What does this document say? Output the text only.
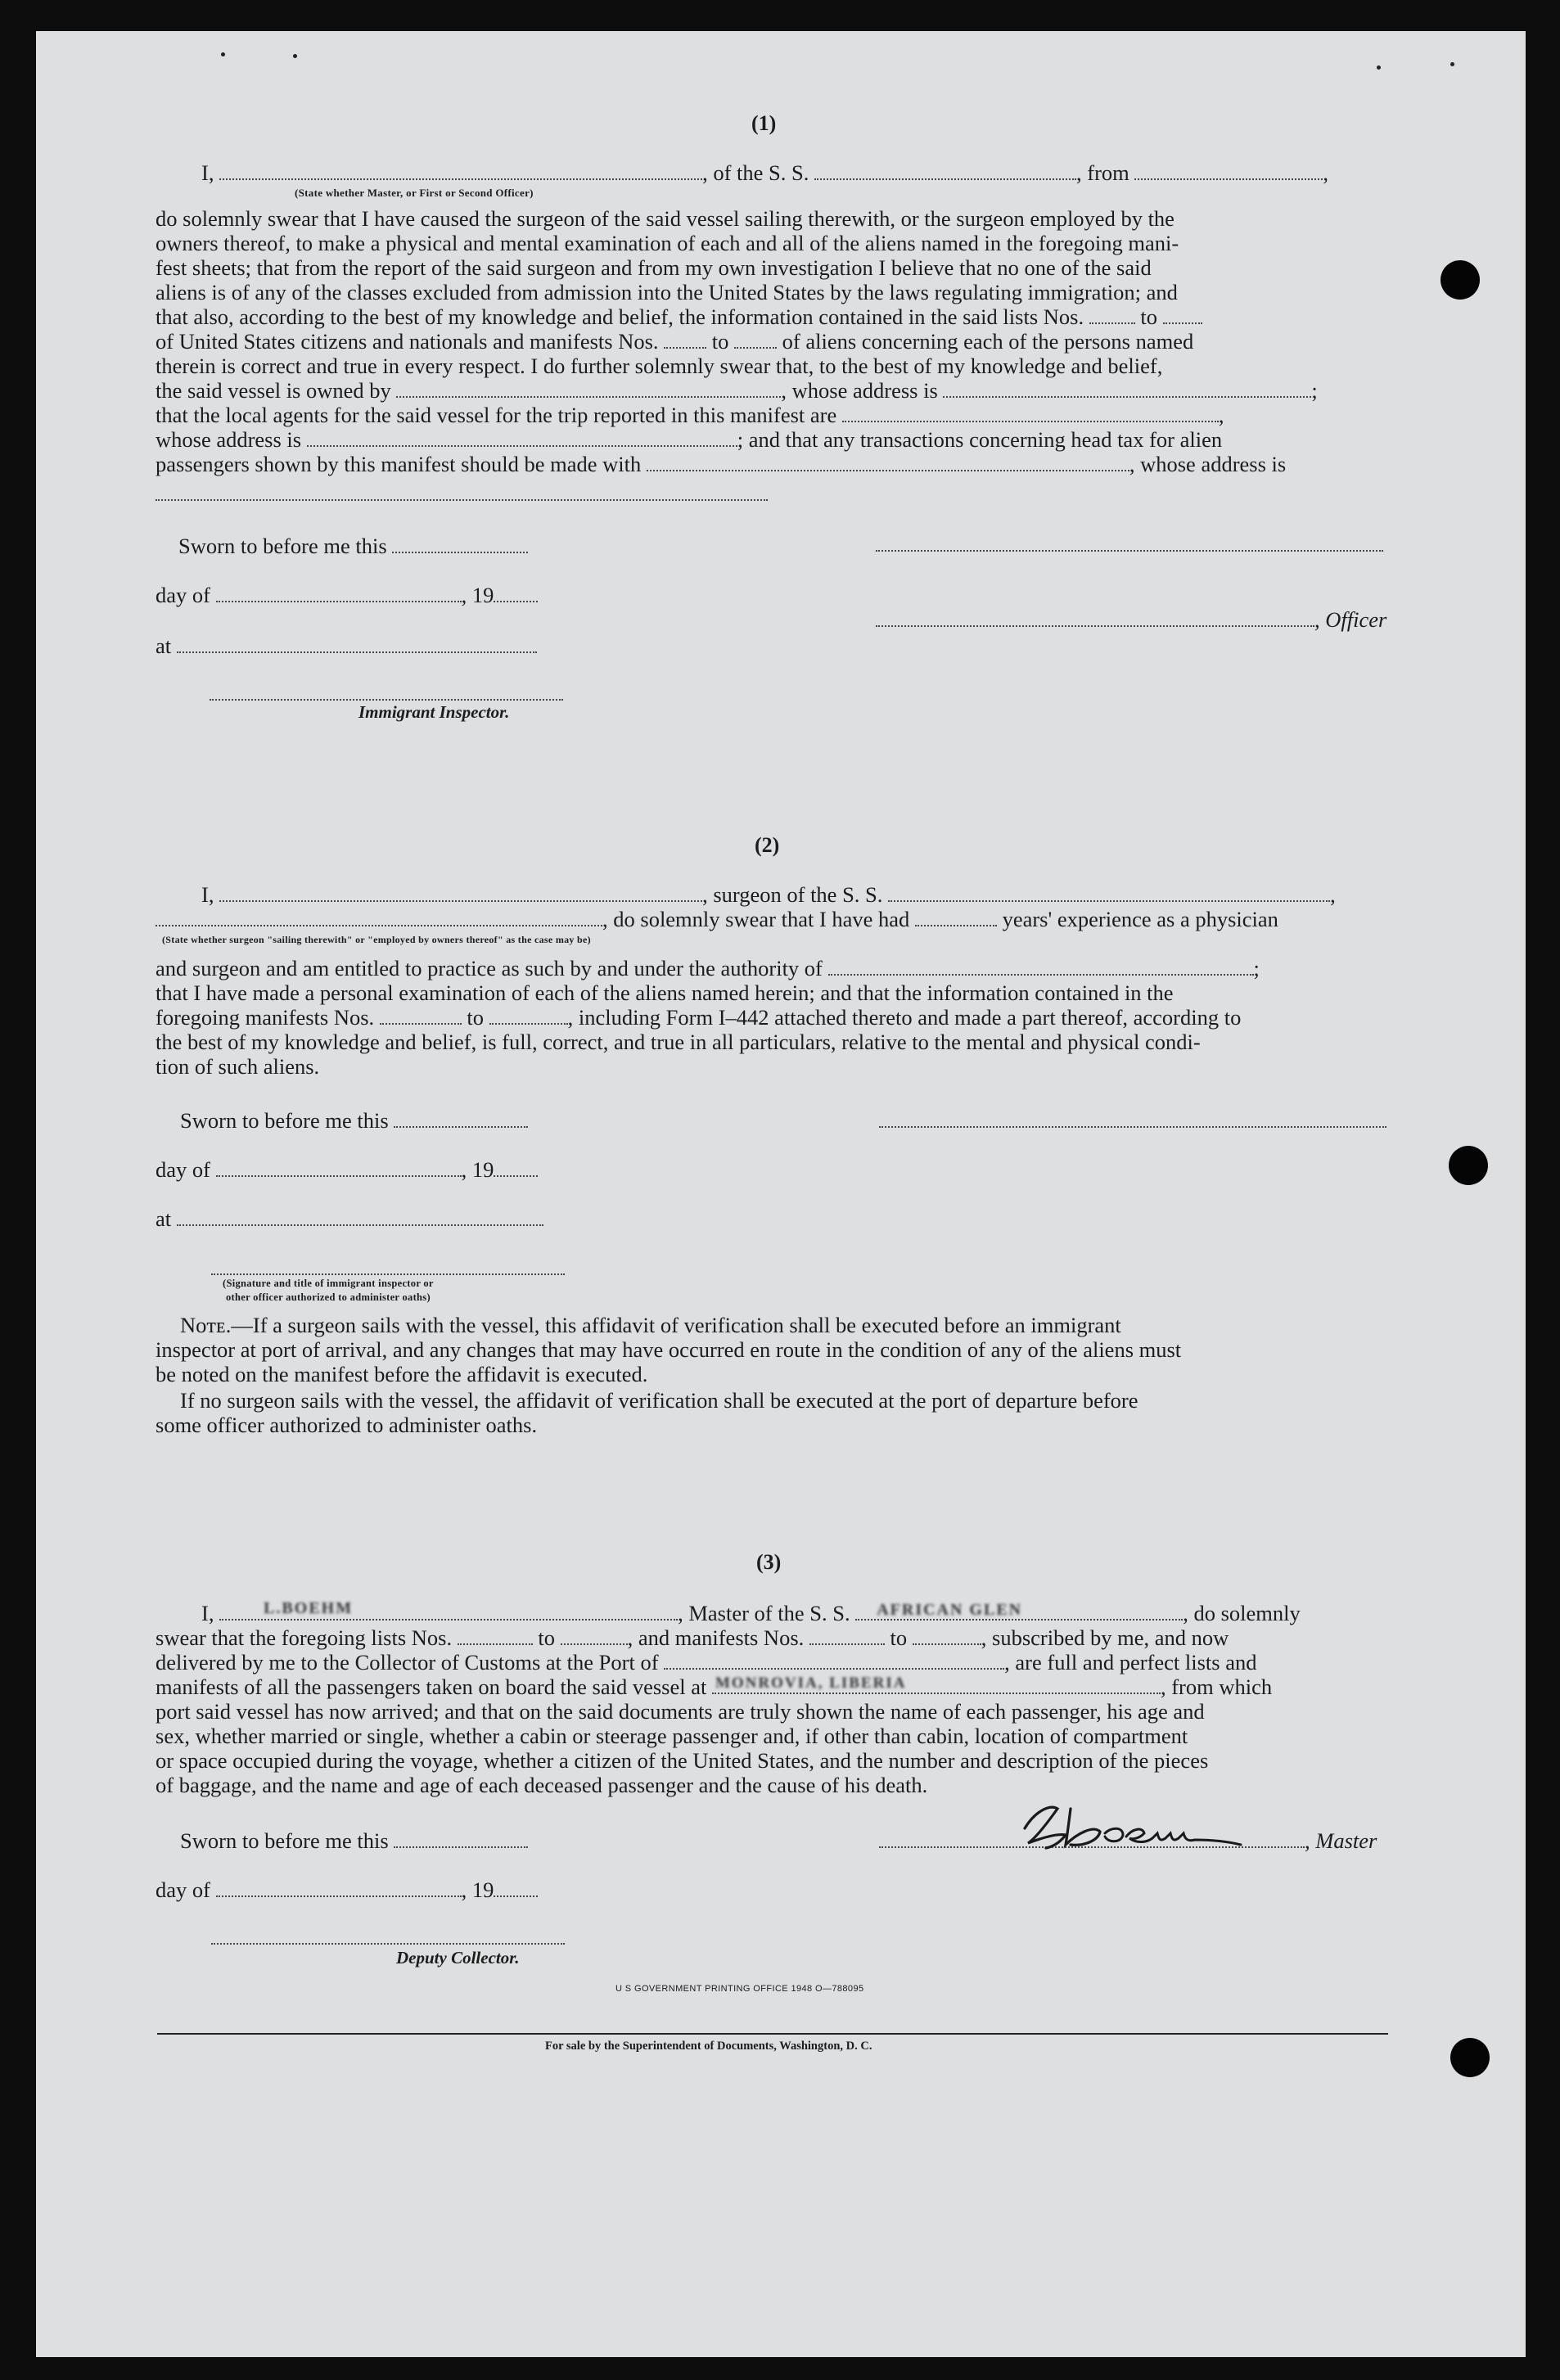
(1)
I,	, of the S. S.	, from	,
(State whether Master, or First or Second Officer)
do solemnly swear that I have caused the surgeon of the said vessel sailing therewith, or the surgeon employed by the
owners thereof, to make a physical and mental examination of each and all of the aliens named in the foregoing mani-
fest sheets; that from the report of the said surgeon and from my own investigation I believe that no one of the said
aliens is of any of the classes excluded from admission into the United States by the laws regulating immigration; and
that also, according to the best of my knowledge and belief, the information contained in the said lists Nos.	to
of United States citizens and nationals and manifests Nos. to of aliens concerning each of the persons named
therein is correct and true in every respect. I do further solemnly swear that, to the best of my knowledge and belief,
the said vessel is owned by	, whose address is	;
that the local agents for the said vessel for the trip reported in this manifest are	,
whose address is	; and that any transactions concerning head tax for alien
passengers shown by this manifest should be made with	, whose address is
Sworn to before me this
day of	, 19
, Officer
at
Immigrant Inspector.
(2)
I,	, surgeon of the S. S.	,
, do solemnly swear that I have had	years' experience as a physician
(State whether surgeon "sailing therewith" or "employed by owners thereof" as the case may be)
and surgeon and am entitled to practice as such by and under the authority of	;
that I have made a personal examination of each of the aliens named herein; and that the information contained in the
foregoing manifests Nos.	to	, including Form I–442 attached thereto and made a part thereof, according to
the best of my knowledge and belief, is full, correct, and true in all particulars, relative to the mental and physical condi-
tion of such aliens.
Sworn to before me this
day of	, 19
at
(Signature and title of immigrant inspector or
other officer authorized to administer oaths)
Nᴏᴛᴇ.—If a surgeon sails with the vessel, this affidavit of verification shall be executed before an immigrant
inspector at port of arrival, and any changes that may have occurred en route in the condition of any of the aliens must
be noted on the manifest before the affidavit is executed.
If no surgeon sails with the vessel, the affidavit of verification shall be executed at the port of departure before
some officer authorized to administer oaths.
(3)
I,	L.BOEHM	, Master of the S. S. AFRICAN GLEN	, do solemnly
swear that the foregoing lists Nos.	to	, and manifests Nos.	to	, subscribed by me, and now
delivered by me to the Collector of Customs at the Port of	, are full and perfect lists and
manifests of all the passengers taken on board the said vessel at MONROVIA, LIBERIA	, from which
port said vessel has now arrived; and that on the said documents are truly shown the name of each passenger, his age and
sex, whether married or single, whether a cabin or steerage passenger and, if other than cabin, location of compartment
or space occupied during the voyage, whether a citizen of the United States, and the number and description of the pieces
of baggage, and the name and age of each deceased passenger and the cause of his death.
Sworn to before me this	, Master
day of	, 19
Deputy Collector.
U S GOVERNMENT PRINTING OFFICE 1948 O—788095
For sale by the Superintendent of Documents, Washington, D. C.
